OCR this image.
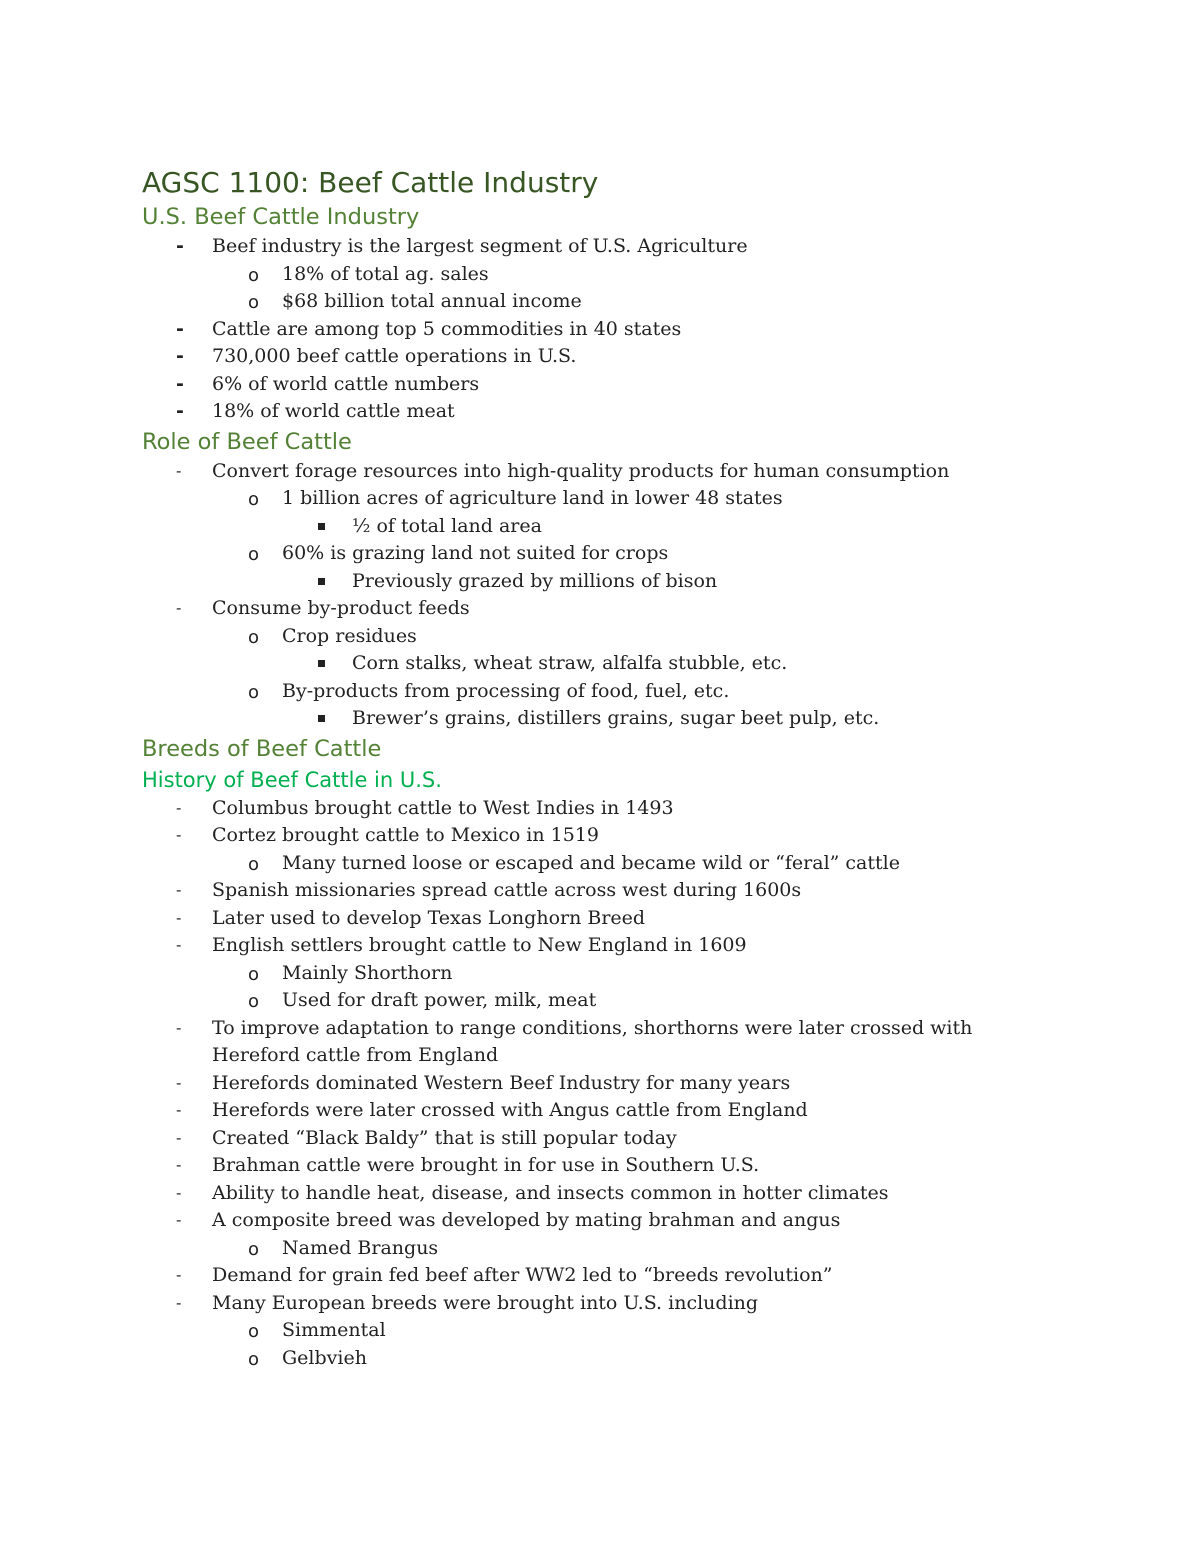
AGSC 1100: Beef Cattle Industry
U.S. Beef Cattle Industry
- Beef industry is the largest segment of U.S. Agriculture
o 18% of total ag. sales
o $68 billion total annual income
- Cattle are among top 5 commodities in 40 states
- 730,000 beef cattle operations in U.S.
- 6% of world cattle numbers
- 18% of world cattle meat
Role of Beef Cattle
- Convert forage resources into high-quality products for human consumption
o 1 billion acres of agriculture land in lower 48 states
½ of total land area
o 60% is grazing land not suited for crops
Previously grazed by millions of bison
- Consume by-product feeds
o Crop residues
Corn stalks, wheat straw, alfalfa stubble, etc.
o By-products from processing of food, fuel, etc.
Brewer’s grains, distillers grains, sugar beet pulp, etc.
Breeds of Beef Cattle
History of Beef Cattle in U.S.
- Columbus brought cattle to West Indies in 1493
- Cortez brought cattle to Mexico in 1519
o Many turned loose or escaped and became wild or “feral” cattle
- Spanish missionaries spread cattle across west during 1600s
- Later used to develop Texas Longhorn Breed
- English settlers brought cattle to New England in 1609
o Mainly Shorthorn
o Used for draft power, milk, meat
- To improve adaptation to range conditions, shorthorns were later crossed with Hereford cattle from England
- Herefords dominated Western Beef Industry for many years
- Herefords were later crossed with Angus cattle from England
- Created “Black Baldy” that is still popular today
- Brahman cattle were brought in for use in Southern U.S.
- Ability to handle heat, disease, and insects common in hotter climates
- A composite breed was developed by mating brahman and angus
o Named Brangus
- Demand for grain fed beef after WW2 led to “breeds revolution”
- Many European breeds were brought into U.S. including
o Simmental
o Gelbvieh
